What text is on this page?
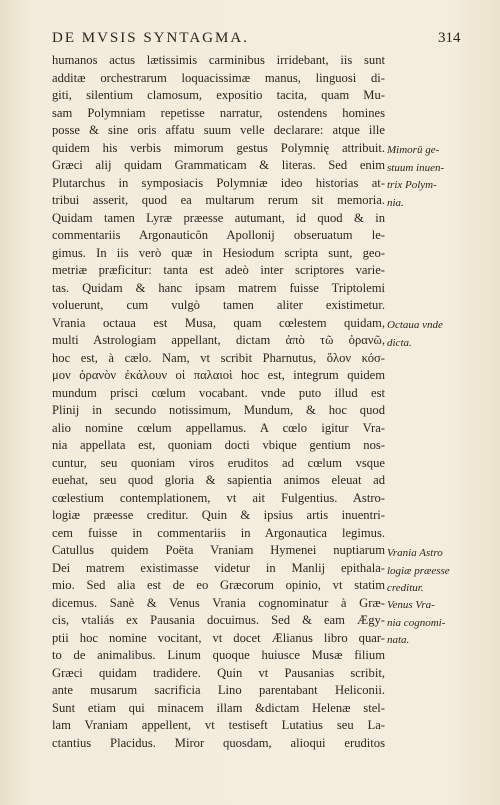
DE MVSIS SYNTAGMA.	314
humanos actus lætissimis carminibus irridebant, iis sunt
additæ orchestrarum loquacissimæ manus, linguosi di-
giti, silentium clamosum, expositio tacita, quam Mu-
sam Polymniam repetisse narratur, ostendens homines
posse & sine oris affatu suum velle declarare: atque ille
quidem his verbis mimorum gestus Polymnię attribuit.
Græci alij quidam Grammaticam & literas. Sed enim
Plutarchus in symposiacis Polymniæ ideo historias at-
tribui asserit, quod ea multarum rerum sit memoria.
Quidam tamen Lyræ præesse autumant, id quod & in
commentariis Argonauticôn Apollonij obseruatum le-
gimus. In iis verò quæ in Hesiodum scripta sunt, geo-
metriæ præficitur: tanta est adeò inter scriptores varie-
tas. Quidam & hanc ipsam matrem fuisse Triptolemi
voluerunt, cum vulgò tamen aliter existimetur.
Vrania octaua est Musa, quam cœlestem quidam,
multi Astrologiam appellant, dictam ἀπὸ τῶ ὀρανῶ,
hoc est, à cælo. Nam, vt scribit Pharnutus, ὅλον κόσ-
μον ὀρανὸν ἐκάλουν οἱ παλαιοὶ hoc est, integrum quidem
mundum prisci cœlum vocabant. vnde puto illud est
Plinij in secundo notissimum, Mundum, & hoc quod
alio nomine cœlum appellamus. A cœlo igitur Vra-
nia appellata est, quoniam docti vbique gentium nos-
cuntur, seu quoniam viros eruditos ad cœlum vsque
euehat, seu quod gloria & sapientia animos eleuat ad
cœlestium contemplationem, vt ait Fulgentius. Astro-
logiæ præesse creditur. Quin & ipsius artis inuentri-
cem fuisse in commentariis in Argonautica legimus.
Catullus quidem Poëta Vraniam Hymenei nuptiarum
Dei matrem existimasse videtur in Manlij epithala-
mio. Sed alia est de eo Græcorum opinio, vt statim
dicemus. Sanè & Venus Vrania cognominatur à Græ-
cis, vtaliás ex Pausania docuimus. Sed & eam Ægy-
ptii hoc nomine vocitant, vt docet Ælianus libro quar-
to de animalibus. Linum quoque huiusce Musæ filium
Græci quidam tradidere. Quin vt Pausanias scribit,
ante musarum sacrificia Lino parentabant Heliconii.
Sunt etiam qui minacem illam &dictam Helenæ stel-
lam Vraniam appellent, vt testiseft Lutatius seu La-
ctantius Placidus. Miror quosdam, alioqui eruditos
Mimorū ge-
stuum inuen-
trix Polym-
nia.
Octaua vnde
dicta.
Vrania Astro
logiæ præesse
creditur.
Venus Vra-
nia cognomi-
nata.
